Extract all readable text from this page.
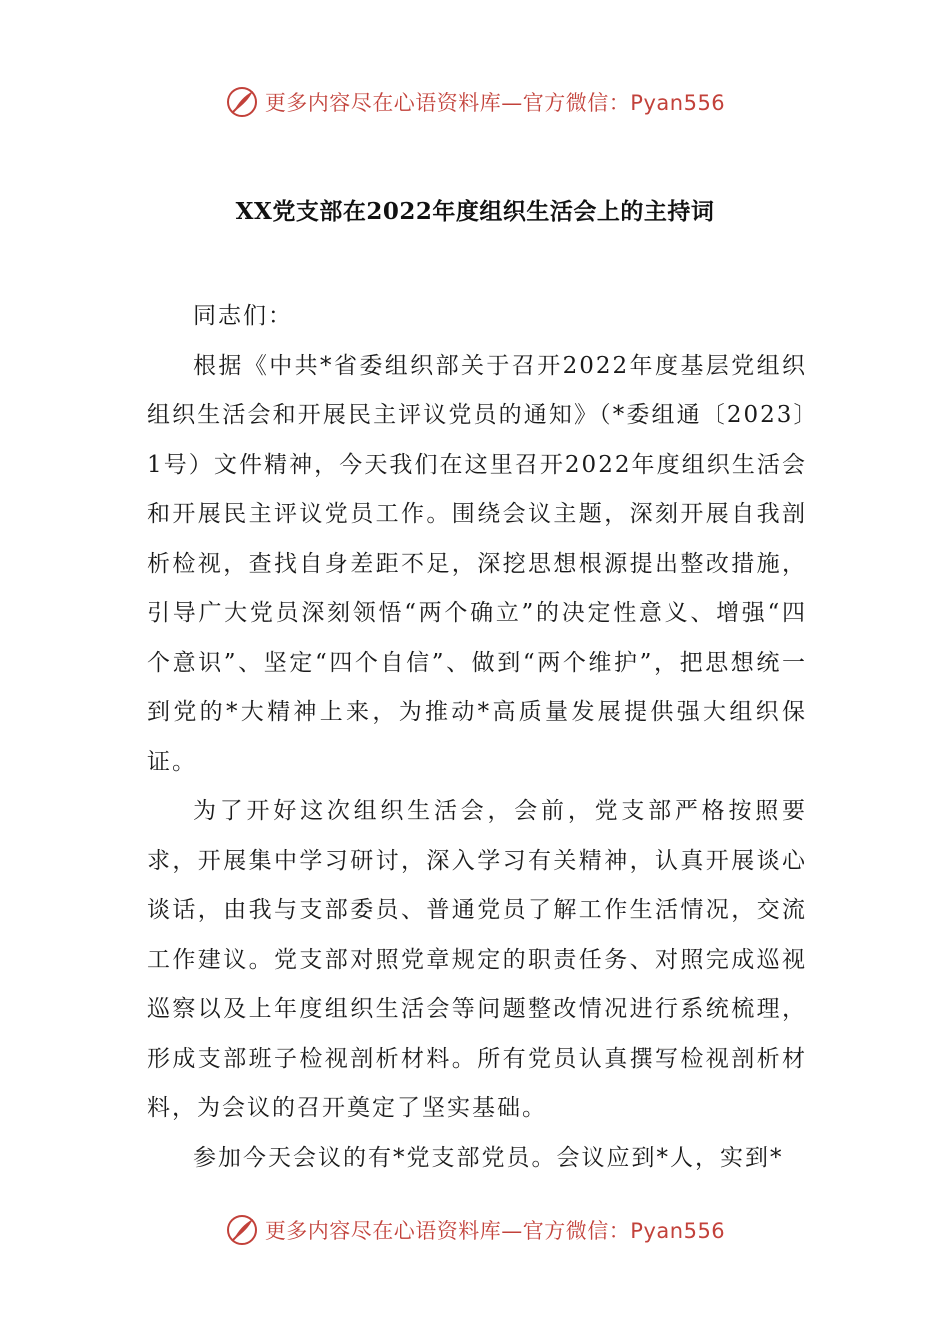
更多内容尽在心语资料库—官方微信：Pyan556
XX党支部在2022年度组织生活会上的主持词

同志们：

根据《中共*省委组织部关于召开2022年度基层党组织组织生活会和开展民主评议党员的通知》（*委组通〔2023〕1号）文件精神，今天我们在这里召开2022年度组织生活会和开展民主评议党员工作。围绕会议主题，深刻开展自我剖析检视，查找自身差距不足，深挖思想根源提出整改措施，引导广大党员深刻领悟“两个确立”的决定性意义、增强“四个意识”、坚定“四个自信”、做到“两个维护”，把思想统一到党的*大精神上来，为推动*高质量发展提供强大组织保证。

为了开好这次组织生活会，会前，党支部严格按照要求，开展集中学习研讨，深入学习有关精神，认真开展谈心谈话，由我与支部委员、普通党员了解工作生活情况，交流工作建议。党支部对照党章规定的职责任务、对照完成巡视巡察以及上年度组织生活会等问题整改情况进行系统梳理，形成支部班子检视剖析材料。所有党员认真撰写检视剖析材料，为会议的召开奠定了坚实基础。

参加今天会议的有*党支部党员。会议应到*人，实到*

更多内容尽在心语资料库—官方微信：Pyan556
